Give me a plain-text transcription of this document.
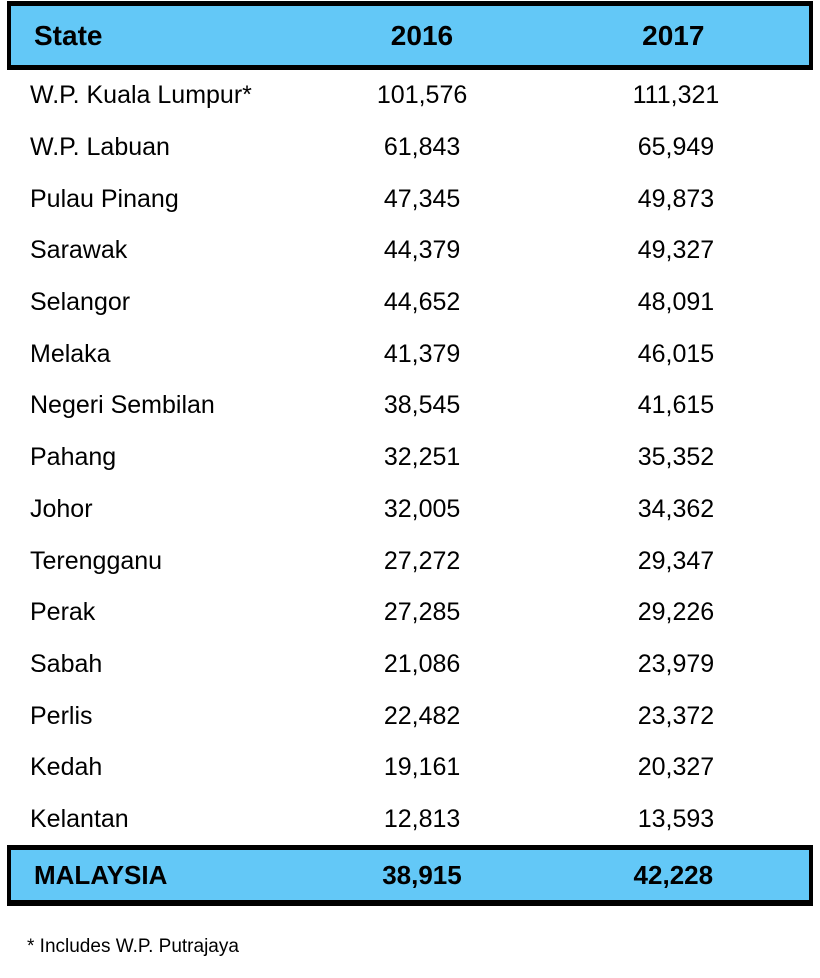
State	2016	2017
W.P. Kuala Lumpur*	101,576	111,321
W.P. Labuan	61,843	65,949
Pulau Pinang	47,345	49,873
Sarawak	44,379	49,327
Selangor	44,652	48,091
Melaka	41,379	46,015
Negeri Sembilan	38,545	41,615
Pahang	32,251	35,352
Johor	32,005	34,362
Terengganu	27,272	29,347
Perak	27,285	29,226
Sabah	21,086	23,979
Perlis	22,482	23,372
Kedah	19,161	20,327
Kelantan	12,813	13,593
MALAYSIA	38,915	42,228
* Includes W.P. Putrajaya
